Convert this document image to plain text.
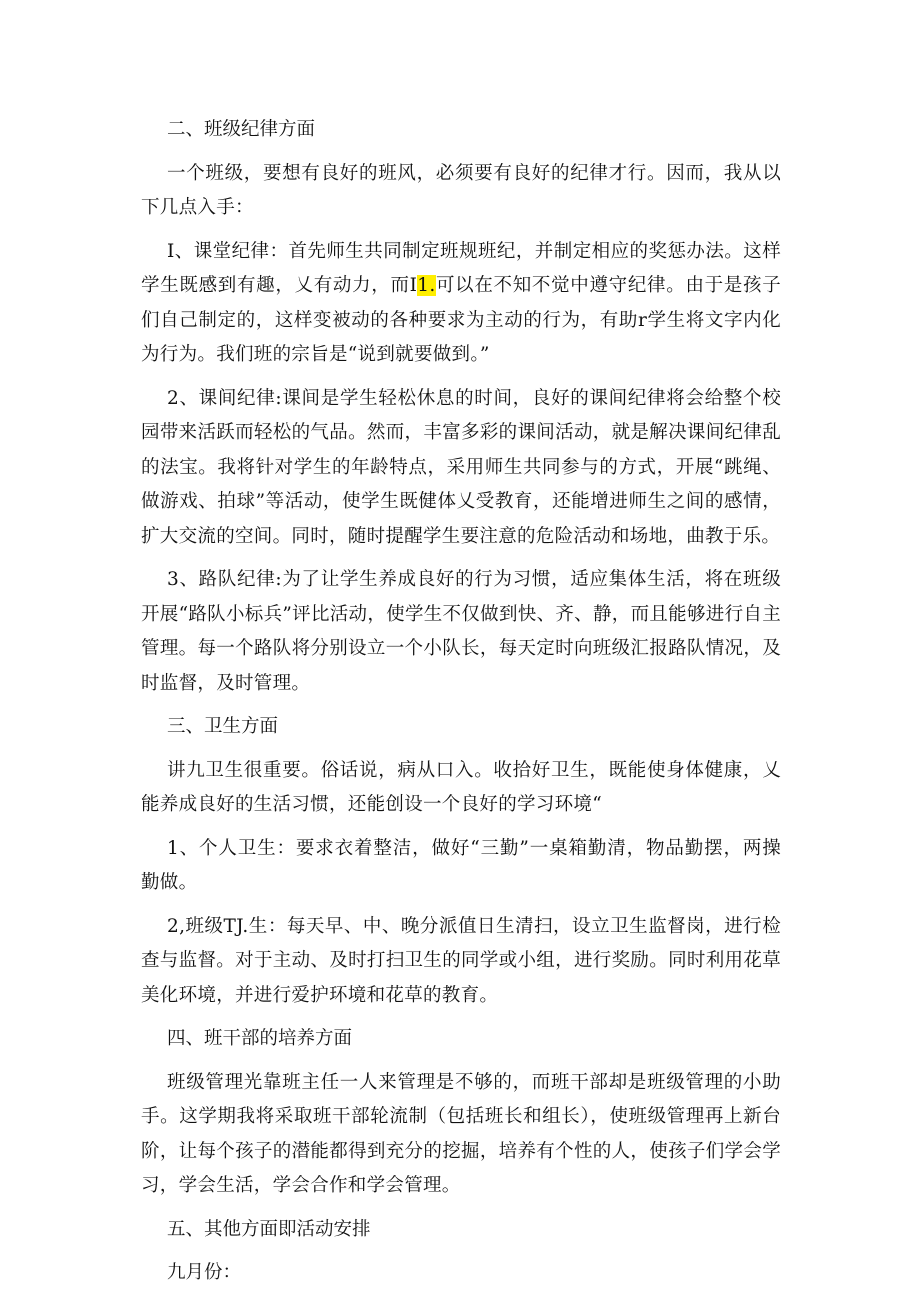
二、班级纪律方面

一个班级，要想有良好的班风，必须要有良好的纪律才行。因而，我从以下几点入手：

Ⅰ、课堂纪律：首先师生共同制定班规班纪，并制定相应的奖惩办法。这样学生既感到有趣，乂有动力，而I1.可以在不知不觉中遵守纪律。由于是孩子们自己制定的，这样变被动的各种要求为主动的行为，有助r学生将文字内化为行为。我们班的宗旨是“说到就要做到。”

2、课间纪律:课间是学生轻松休息的时间，良好的课间纪律将会给整个校园带来活跃而轻松的气品。然而，丰富多彩的课间活动，就是解决课间纪律乱的法宝。我将针对学生的年龄特点，采用师生共同参与的方式，开展“跳绳、做游戏、拍球”等活动，使学生既健体乂受教育，还能增进师生之间的感情，扩大交流的空间。同时，随时提醒学生要注意的危险活动和场地，曲教于乐。

3、路队纪律:为了让学生养成良好的行为习惯，适应集体生活，将在班级开展“路队小标兵”评比活动，使学生不仅做到快、齐、静，而且能够进行自主管理。每一个路队将分别设立一个小队长，每天定时向班级汇报路队情况，及时监督，及时管理。

三、卫生方面

讲九卫生很重要。俗话说，病从口入。收拾好卫生，既能使身体健康，乂能养成良好的生活习惯，还能创设一个良好的学习环境“

1、个人卫生：要求衣着整洁，做好“三勤”一桌箱勤清，物品勤摆，两操勤做。

2,班级TJ.生：每天早、中、晚分派值日生清扫，设立卫生监督岗，进行检查与监督。对于主动、及时打扫卫生的同学或小组，进行奖励。同时利用花草美化环境，并进行爱护环境和花草的教育。

四、班干部的培养方面

班级管理光靠班主任一人来管理是不够的，而班干部却是班级管理的小助手。这学期我将采取班干部轮流制（包括班长和组长），使班级管理再上新台阶，让每个孩子的潜能都得到充分的挖掘，培养有个性的人，使孩子们学会学习，学会生活，学会合作和学会管理。

五、其他方面即活动安排

九月份：
